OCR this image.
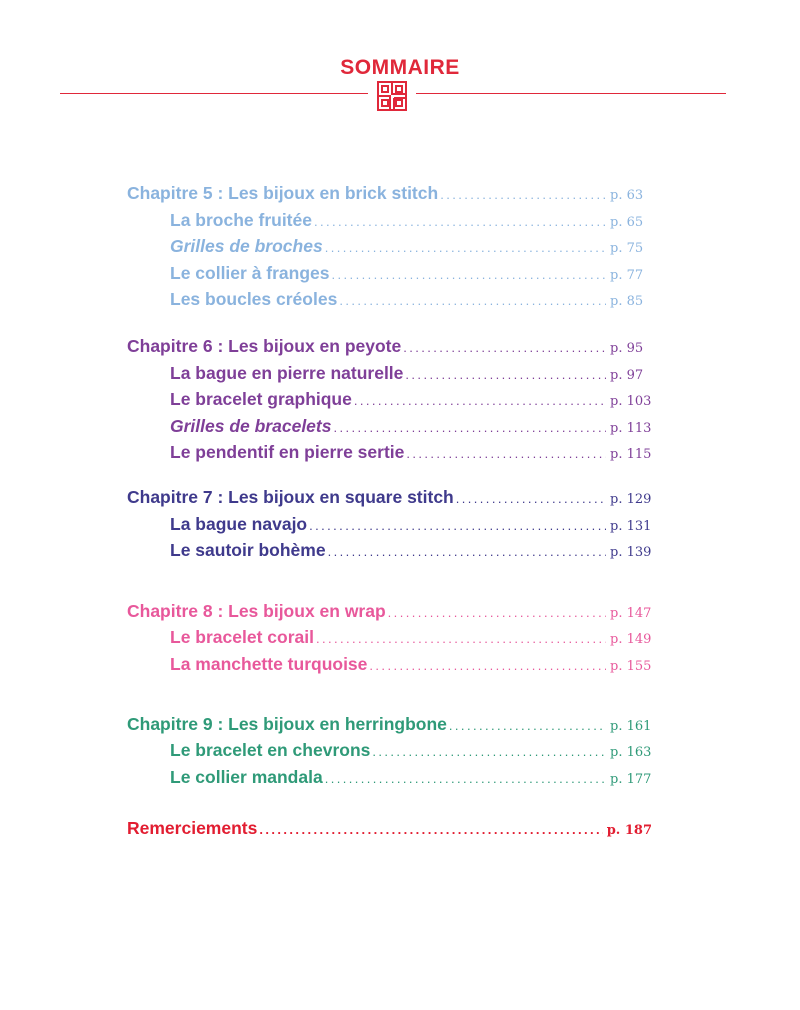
SOMMAIRE
Chapitre 5 : Les bijoux en brick stitch .....	p. 63
La broche fruitée .....	p. 65
Grilles de broches .....	p. 75
Le collier à franges .....	p. 77
Les boucles créoles .....	p. 85
Chapitre 6 : Les bijoux en peyote .....	p. 95
La bague en pierre naturelle .....	p. 97
Le bracelet graphique .....	p. 103
Grilles de bracelets .....	p. 113
Le pendentif en pierre sertie .....	p. 115
Chapitre 7 : Les bijoux en square stitch .....	p. 129
La bague navajo .....	p. 131
Le sautoir bohème .....	p. 139
Chapitre 8 : Les bijoux en wrap .....	p. 147
Le bracelet corail .....	p. 149
La manchette turquoise .....	p. 155
Chapitre 9 : Les bijoux en herringbone .....	p. 161
Le bracelet en chevrons .....	p. 163
Le collier mandala .....	p. 177
Remerciements .....	p. 187
